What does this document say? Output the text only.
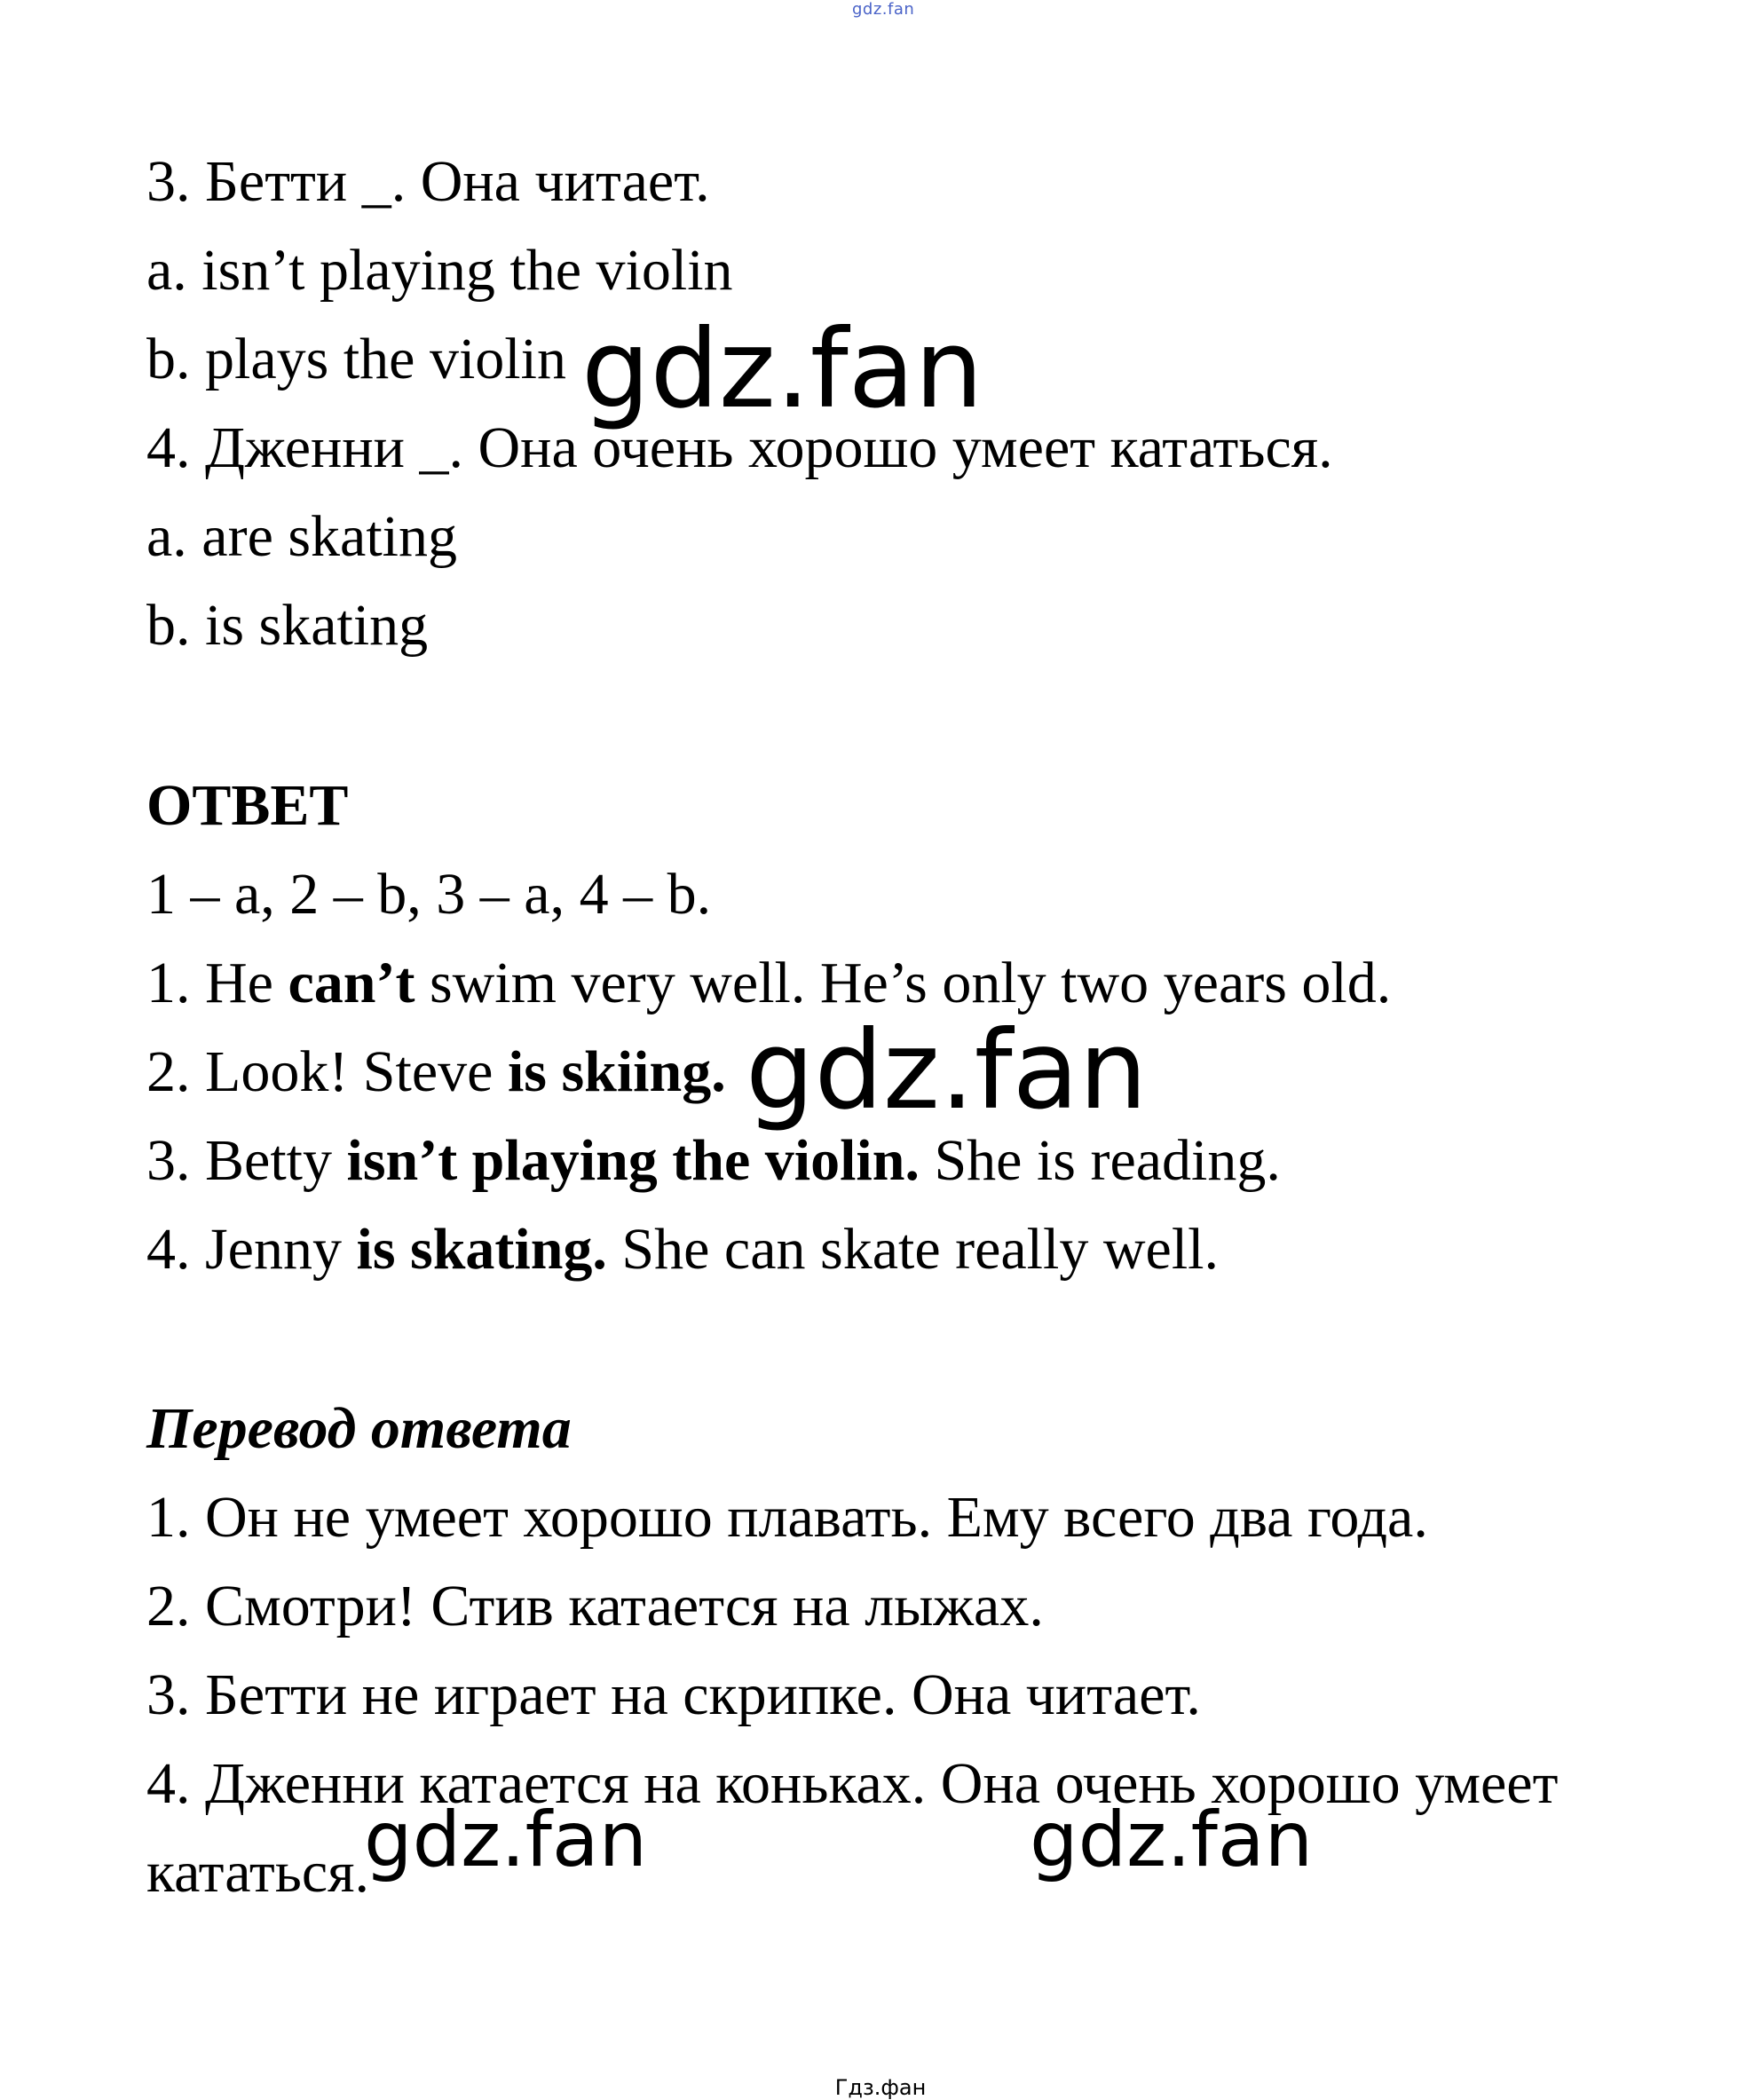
gdz.fan
3. Бетти _. Она читает.
a. isn’t playing the violin
b. plays the violin
4. Дженни _. Она очень хорошо умеет кататься.
a. are skating
b. is skating
ОТВЕТ
1 – a, 2 – b, 3 – a, 4 – b.
1. He can’t swim very well. He’s only two years old.
2. Look! Steve is skiing.
3. Betty isn’t playing the violin. She is reading.
4. Jenny is skating. She can skate really well.
Перевод ответа
1. Он не умеет хорошо плавать. Ему всего два года.
2. Смотри! Стив катается на лыжах.
3. Бетти не играет на скрипке. Она читает.
4. Дженни катается на коньках. Она очень хорошо умеет
кататься.
gdz.fan
gdz.fan
gdz.fan	gdz.fan
Гдз.фан
